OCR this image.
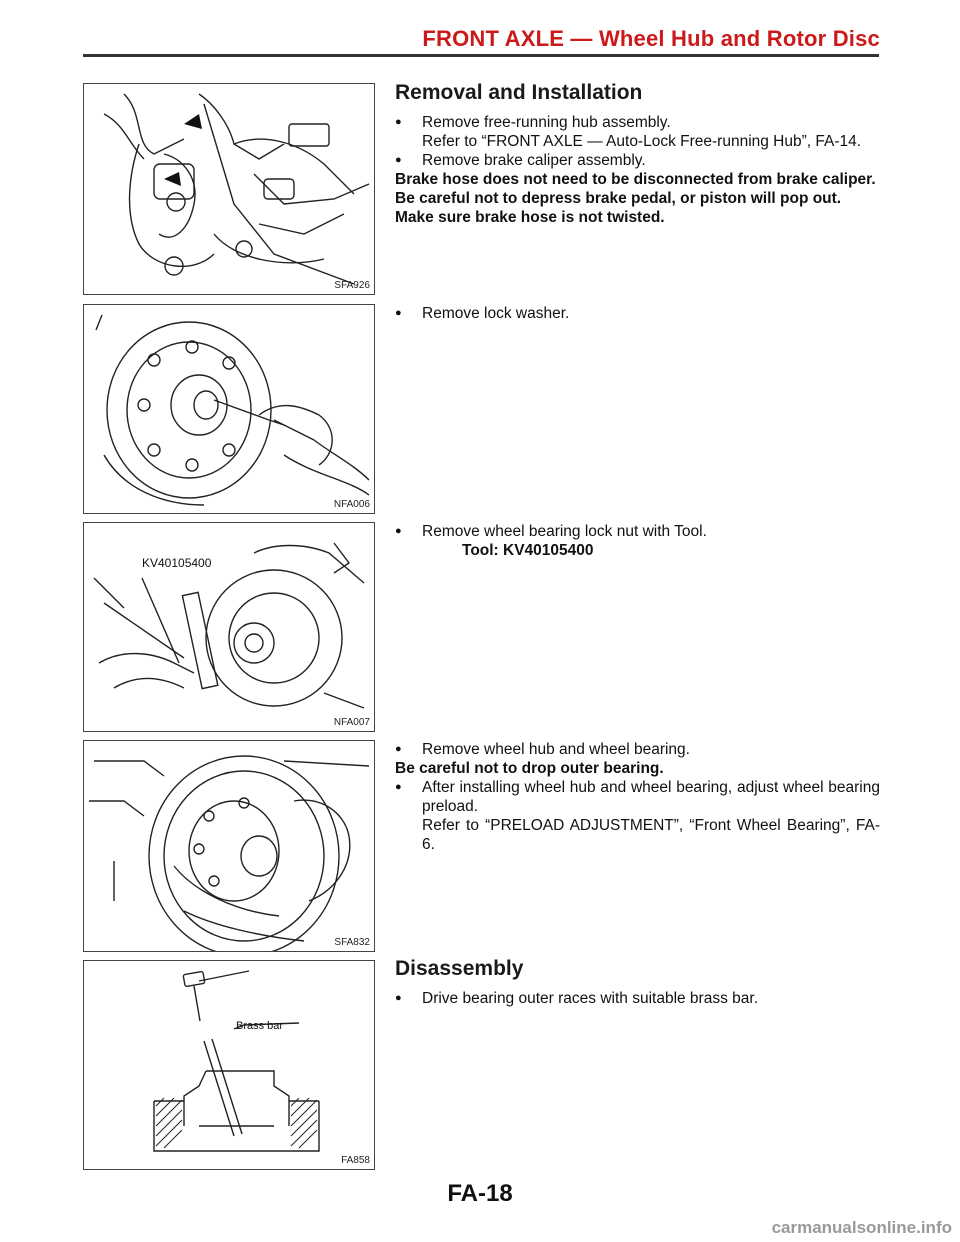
FRONT AXLE — Wheel Hub and Rotor Disc
SFA926
NFA006
KV40105400
NFA007
SFA832
Brass bar
FA858
Removal and Installation
●	Remove free-running hub assembly.
Refer to “FRONT AXLE — Auto-Lock Free-running Hub”, FA-14.
●	Remove brake caliper assembly.
Brake hose does not need to be disconnected from brake caliper.
Be careful not to depress brake pedal, or piston will pop out.
Make sure brake hose is not twisted.
●	Remove lock washer.
●	Remove wheel bearing lock nut with Tool.
Tool: KV40105400
●	Remove wheel hub and wheel bearing.
Be careful not to drop outer bearing.
●	After installing wheel hub and wheel bearing, adjust wheel bearing preload.
Refer to “PRELOAD ADJUSTMENT”, “Front Wheel Bearing”, FA-6.
Disassembly
●	Drive bearing outer races with suitable brass bar.
FA-18
carmanualsonline.info
